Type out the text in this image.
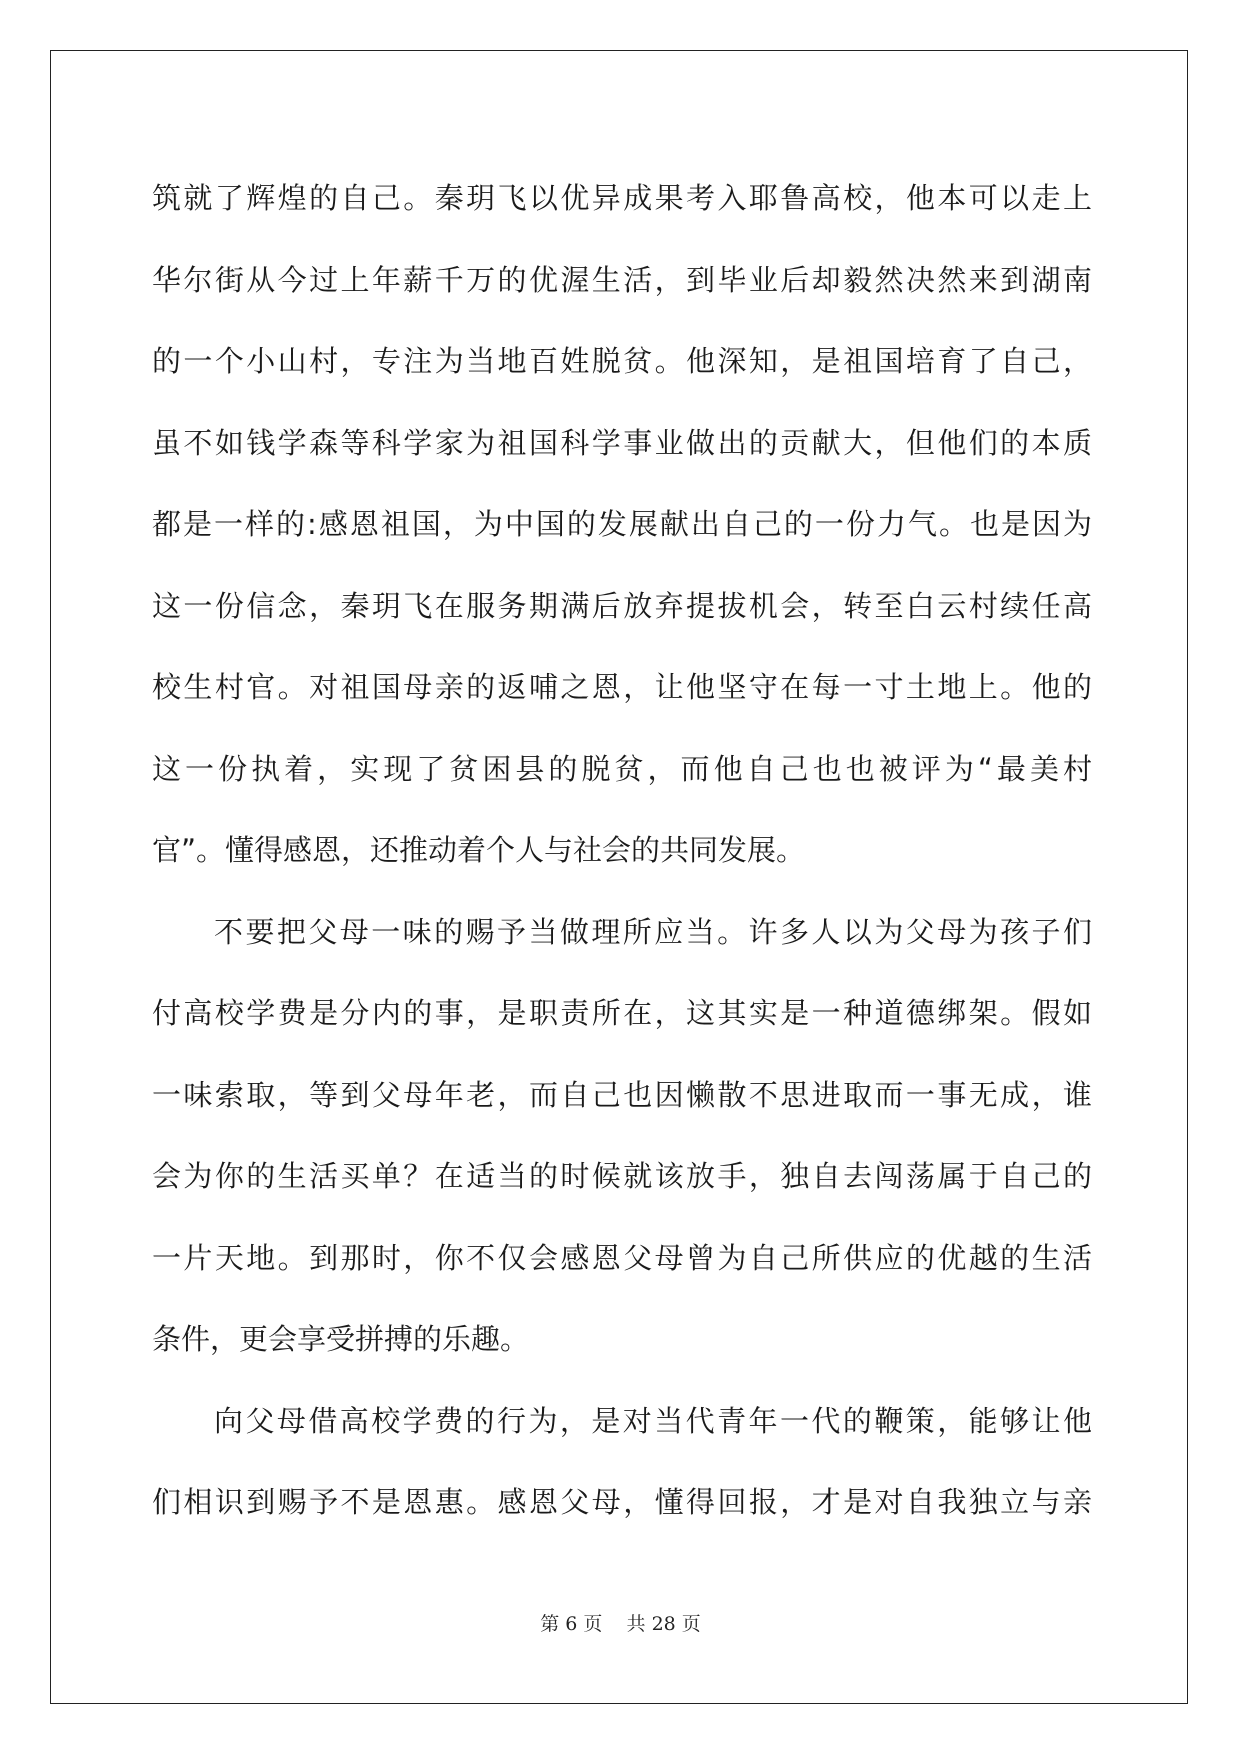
筑就了辉煌的自己。秦玥飞以优异成果考入耶鲁高校，他本可以走上
华尔街从今过上年薪千万的优渥生活，到毕业后却毅然决然来到湖南
的一个小山村，专注为当地百姓脱贫。他深知，是祖国培育了自己，
虽不如钱学森等科学家为祖国科学事业做出的贡献大，但他们的本质
都是一样的:感恩祖国，为中国的发展献出自己的一份力气。也是因为
这一份信念，秦玥飞在服务期满后放弃提拔机会，转至白云村续任高
校生村官。对祖国母亲的返哺之恩，让他坚守在每一寸土地上。他的
这一份执着，实现了贫困县的脱贫，而他自己也也被评为“最美村
官”。懂得感恩，还推动着个人与社会的共同发展。
不要把父母一味的赐予当做理所应当。许多人以为父母为孩子们
付高校学费是分内的事，是职责所在，这其实是一种道德绑架。假如
一味索取，等到父母年老，而自己也因懒散不思进取而一事无成，谁
会为你的生活买单？在适当的时候就该放手，独自去闯荡属于自己的
一片天地。到那时，你不仅会感恩父母曾为自己所供应的优越的生活
条件，更会享受拼搏的乐趣。
向父母借高校学费的行为，是对当代青年一代的鞭策，能够让他
们相识到赐予不是恩惠。感恩父母，懂得回报，才是对自我独立与亲
第 6 页    共 28 页
